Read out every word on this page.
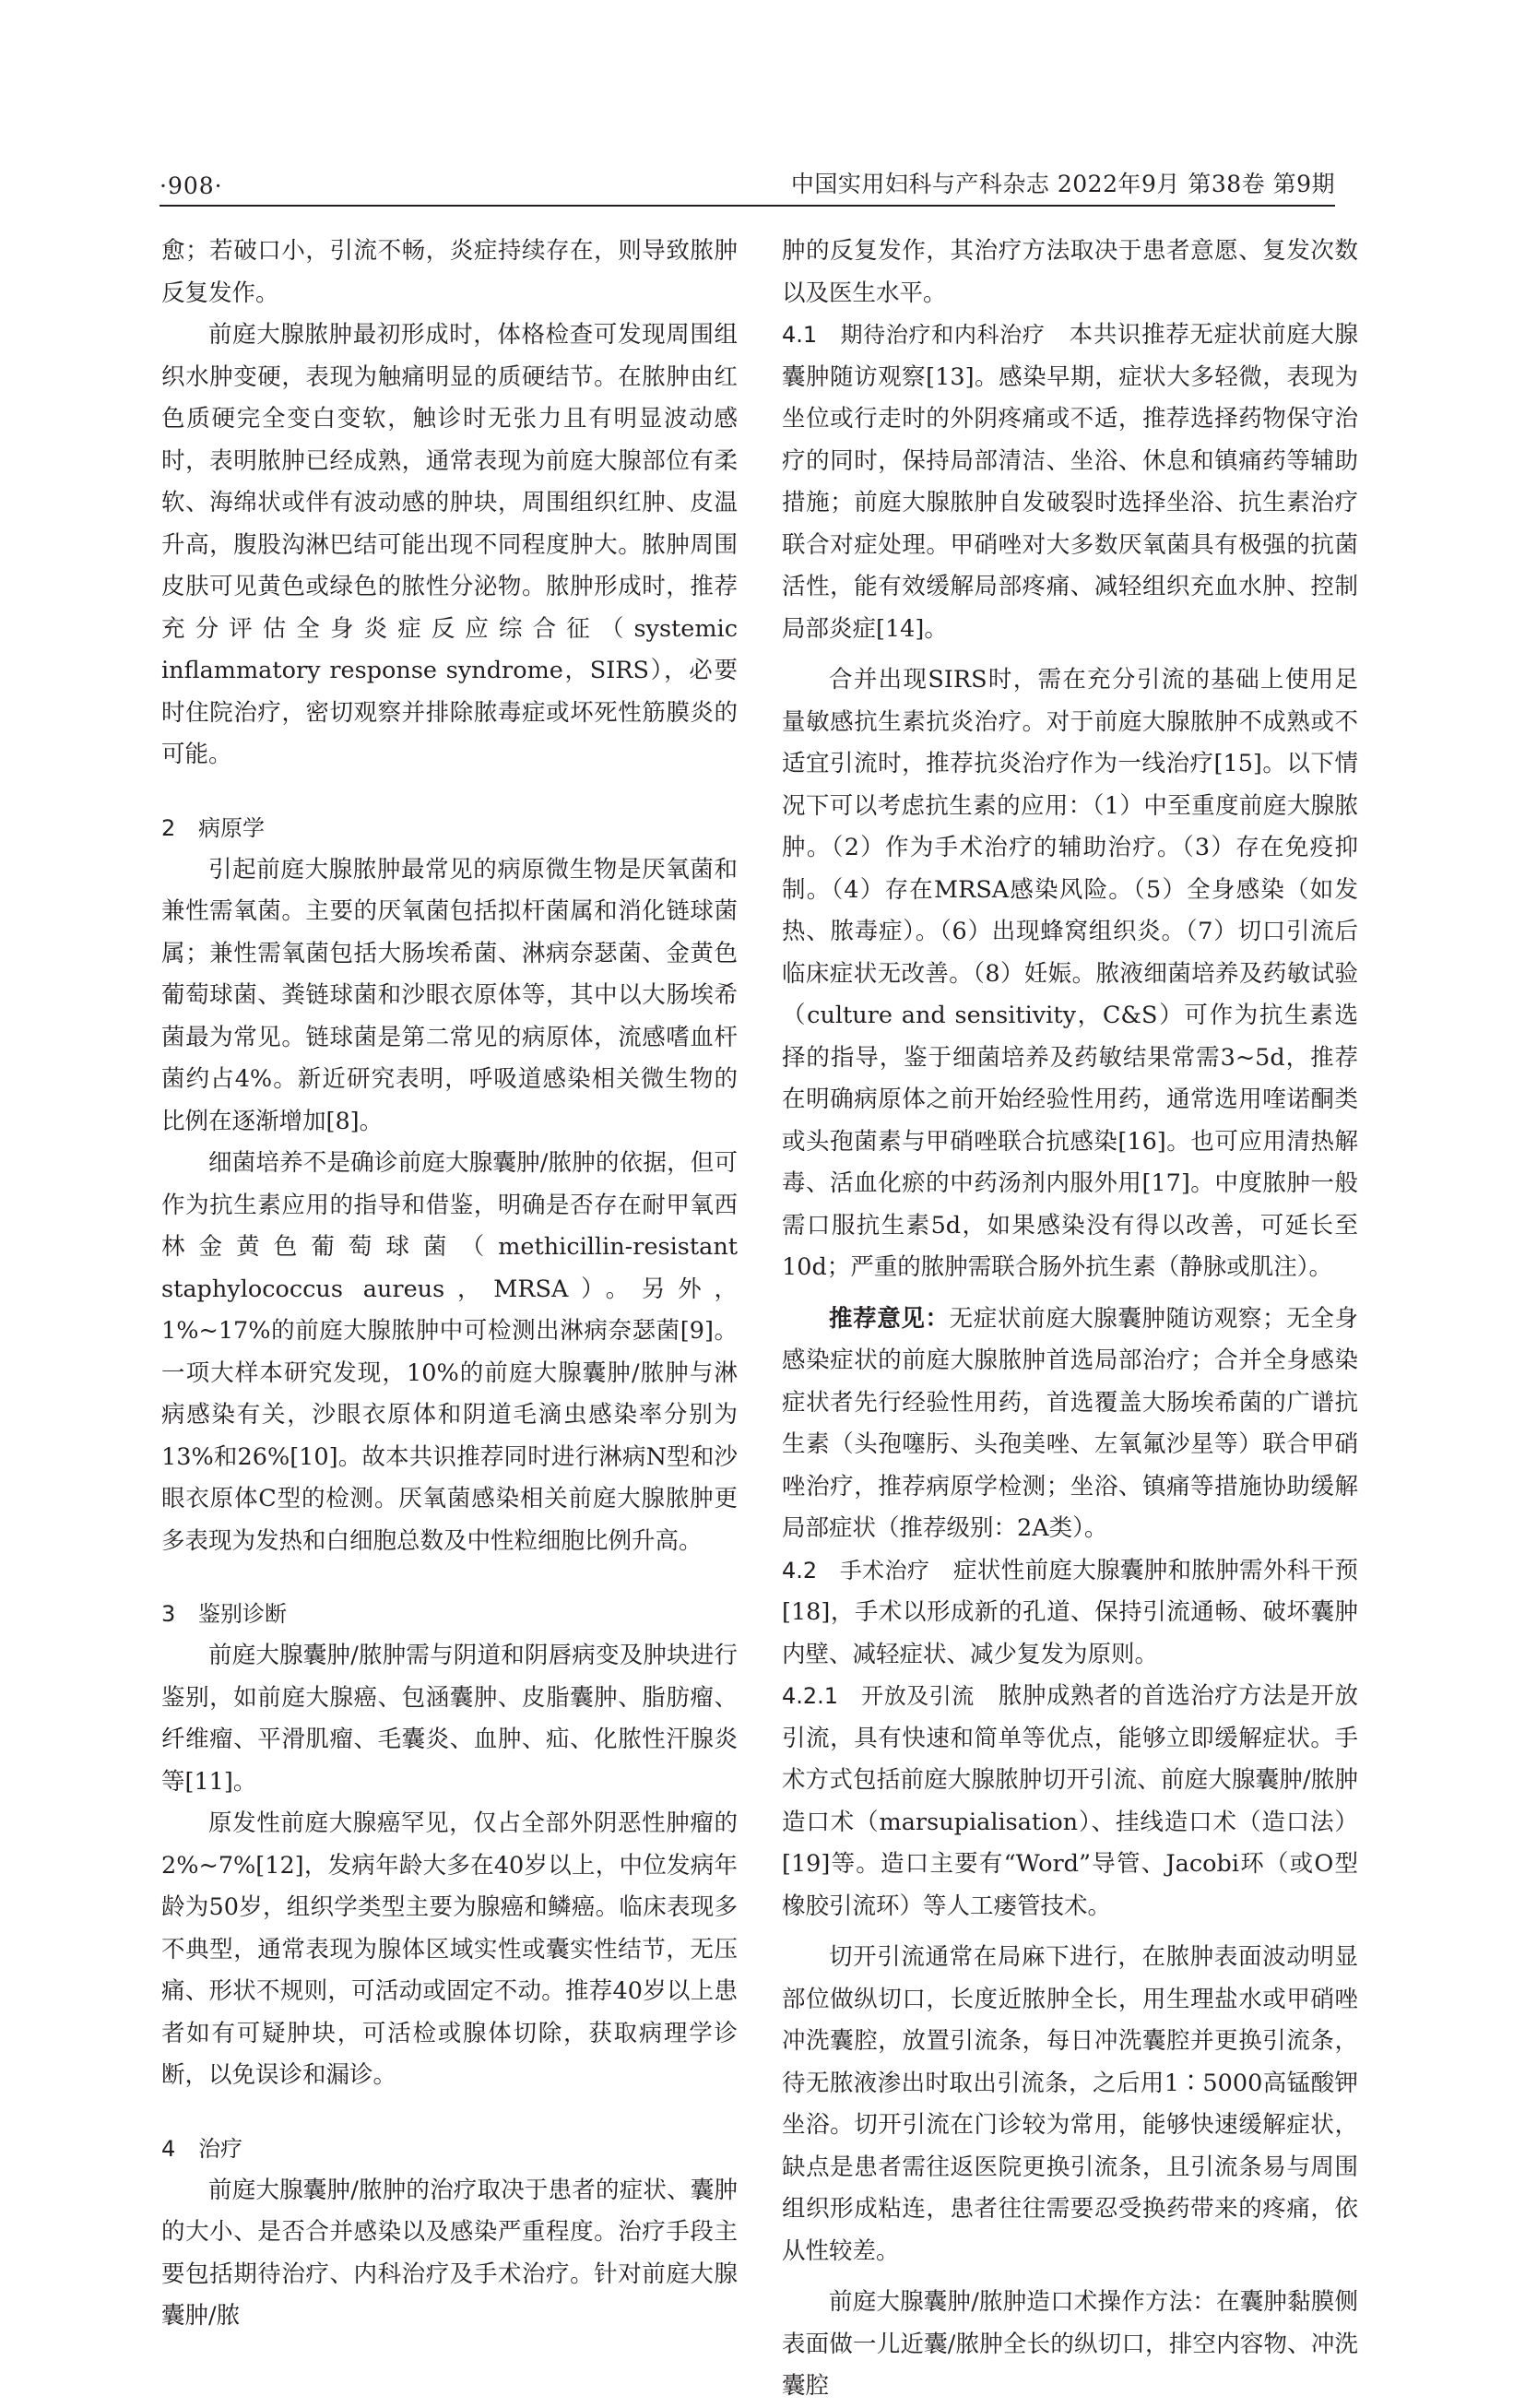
·908·	中国实用妇科与产科杂志 2022年9月 第38卷 第9期

愈；若破口小，引流不畅，炎症持续存在，则导致脓肿反复发作。

前庭大腺脓肿最初形成时，体格检查可发现周围组织水肿变硬，表现为触痛明显的质硬结节。在脓肿由红色质硬完全变白变软，触诊时无张力且有明显波动感时，表明脓肿已经成熟，通常表现为前庭大腺部位有柔软、海绵状或伴有波动感的肿块，周围组织红肿、皮温升高，腹股沟淋巴结可能出现不同程度肿大。脓肿周围皮肤可见黄色或绿色的脓性分泌物。脓肿形成时，推荐充分评估全身炎症反应综合征（systemic inflammatory response syndrome，SIRS），必要时住院治疗，密切观察并排除脓毒症或坏死性筋膜炎的可能。

2 病原学

引起前庭大腺脓肿最常见的病原微生物是厌氧菌和兼性需氧菌。主要的厌氧菌包括拟杆菌属和消化链球菌属；兼性需氧菌包括大肠埃希菌、淋病奈瑟菌、金黄色葡萄球菌、粪链球菌和沙眼衣原体等，其中以大肠埃希菌最为常见。链球菌是第二常见的病原体，流感嗜血杆菌约占4%。新近研究表明，呼吸道感染相关微生物的比例在逐渐增加[8]。

细菌培养不是确诊前庭大腺囊肿/脓肿的依据，但可作为抗生素应用的指导和借鉴，明确是否存在耐甲氧西林金黄色葡萄球菌（methicillin-resistant staphylococcus aureus，MRSA）。另外，1%~17%的前庭大腺脓肿中可检测出淋病奈瑟菌[9]。一项大样本研究发现，10%的前庭大腺囊肿/脓肿与淋病感染有关，沙眼衣原体和阴道毛滴虫感染率分别为13%和26%[10]。故本共识推荐同时进行淋病N型和沙眼衣原体C型的检测。厌氧菌感染相关前庭大腺脓肿更多表现为发热和白细胞总数及中性粒细胞比例升高。

3 鉴别诊断

前庭大腺囊肿/脓肿需与阴道和阴唇病变及肿块进行鉴别，如前庭大腺癌、包涵囊肿、皮脂囊肿、脂肪瘤、纤维瘤、平滑肌瘤、毛囊炎、血肿、疝、化脓性汗腺炎等[11]。

原发性前庭大腺癌罕见，仅占全部外阴恶性肿瘤的2%~7%[12]，发病年龄大多在40岁以上，中位发病年龄为50岁，组织学类型主要为腺癌和鳞癌。临床表现多不典型，通常表现为腺体区域实性或囊实性结节，无压痛、形状不规则，可活动或固定不动。推荐40岁以上患者如有可疑肿块，可活检或腺体切除，获取病理学诊断，以免误诊和漏诊。

4 治疗

前庭大腺囊肿/脓肿的治疗取决于患者的症状、囊肿的大小、是否合并感染以及感染严重程度。治疗手段主要包括期待治疗、内科治疗及手术治疗。针对前庭大腺囊肿/脓

肿的反复发作，其治疗方法取决于患者意愿、复发次数以及医生水平。

4.1　期待治疗和内科治疗　 本共识推荐无症状前庭大腺囊肿随访观察[13]。感染早期，症状大多轻微，表现为坐位或行走时的外阴疼痛或不适，推荐选择药物保守治疗的同时，保持局部清洁、坐浴、休息和镇痛药等辅助措施；前庭大腺脓肿自发破裂时选择坐浴、抗生素治疗联合对症处理。甲硝唑对大多数厌氧菌具有极强的抗菌活性，能有效缓解局部疼痛、减轻组织充血水肿、控制局部炎症[14]。

合并出现SIRS时，需在充分引流的基础上使用足量敏感抗生素抗炎治疗。对于前庭大腺脓肿不成熟或不适宜引流时，推荐抗炎治疗作为一线治疗[15]。以下情况下可以考虑抗生素的应用：（1）中至重度前庭大腺脓肿。（2）作为手术治疗的辅助治疗。（3）存在免疫抑制。（4）存在MRSA感染风险。（5）全身感染（如发热、脓毒症）。（6）出现蜂窝组织炎。（7）切口引流后临床症状无改善。（8）妊娠。脓液细菌培养及药敏试验（culture and sensitivity，C&S）可作为抗生素选择的指导，鉴于细菌培养及药敏结果常需3~5d，推荐在明确病原体之前开始经验性用药，通常选用喹诺酮类或头孢菌素与甲硝唑联合抗感染[16]。也可应用清热解毒、活血化瘀的中药汤剂内服外用[17]。中度脓肿一般需口服抗生素5d，如果感染没有得以改善，可延长至10d；严重的脓肿需联合肠外抗生素（静脉或肌注）。

推荐意见：无症状前庭大腺囊肿随访观察；无全身感染症状的前庭大腺脓肿首选局部治疗；合并全身感染症状者先行经验性用药，首选覆盖大肠埃希菌的广谱抗生素（头孢噻肟、头孢美唑、左氧氟沙星等）联合甲硝唑治疗，推荐病原学检测；坐浴、镇痛等措施协助缓解局部症状（推荐级别：2A类）。

4.2　手术治疗　 症状性前庭大腺囊肿和脓肿需外科干预[18]，手术以形成新的孔道、保持引流通畅、破坏囊肿内壁、减轻症状、减少复发为原则。

4.2.1　开放及引流　 脓肿成熟者的首选治疗方法是开放引流，具有快速和简单等优点，能够立即缓解症状。手术方式包括前庭大腺脓肿切开引流、前庭大腺囊肿/脓肿造口术（marsupialisation）、挂线造口术（造口法）[19]等。造口主要有“Word”导管、Jacobi环（或O型橡胶引流环）等人工瘘管技术。

切开引流通常在局麻下进行，在脓肿表面波动明显部位做纵切口，长度近脓肿全长，用生理盐水或甲硝唑冲洗囊腔，放置引流条，每日冲洗囊腔并更换引流条，待无脓液渗出时取出引流条，之后用1∶5000高锰酸钾坐浴。切开引流在门诊较为常用，能够快速缓解症状，缺点是患者需往返医院更换引流条，且引流条易与周围组织形成粘连，患者往往需要忍受换药带来的疼痛，依从性较差。

前庭大腺囊肿/脓肿造口术操作方法：在囊肿黏膜侧表面做一儿近囊/脓肿全长的纵切口，排空内容物、冲洗囊腔
